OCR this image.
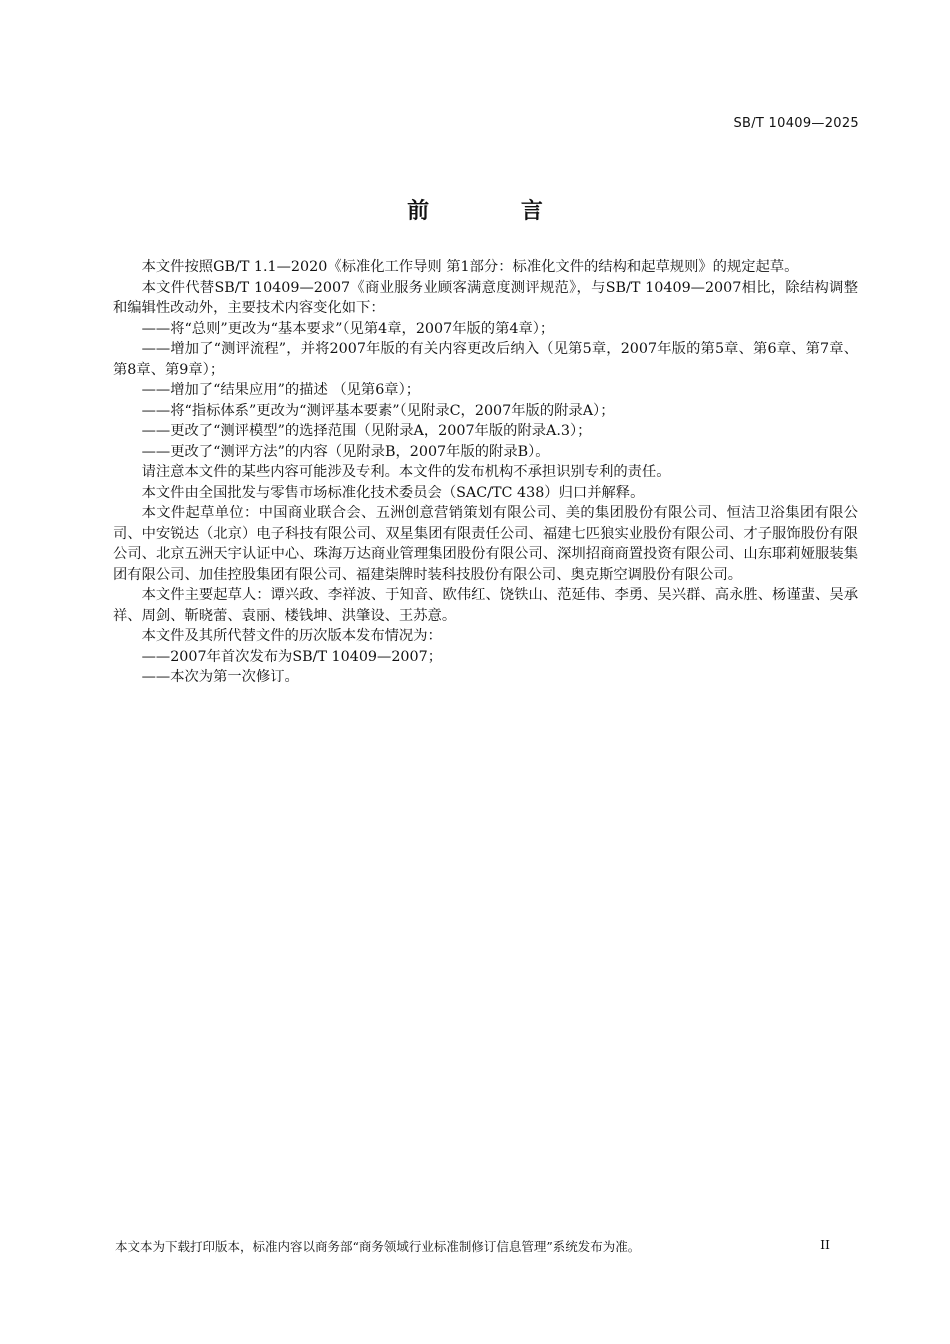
SB/T 10409—2025
前 言

本文件按照GB/T 1.1—2020《标准化工作导则 第1部分：标准化文件的结构和起草规则》的规定起草。

本文件代替SB/T 10409—2007《商业服务业顾客满意度测评规范》，与SB/T 10409—2007相比，除结构调整和编辑性改动外，主要技术内容变化如下：

——将“总则”更改为“基本要求”（见第4章，2007年版的第4章）；

——增加了“测评流程”，并将2007年版的有关内容更改后纳入（见第5章，2007年版的第5章、第6章、第7章、第8章、第9章）；

——增加了“结果应用”的描述 （见第6章）；

——将“指标体系”更改为“测评基本要素”（见附录C，2007年版的附录A）；

——更改了“测评模型”的选择范围（见附录A，2007年版的附录A.3）；

——更改了“测评方法”的内容（见附录B，2007年版的附录B）。

请注意本文件的某些内容可能涉及专利。本文件的发布机构不承担识别专利的责任。

本文件由全国批发与零售市场标准化技术委员会（SAC/TC 438）归口并解释。

本文件起草单位：中国商业联合会、五洲创意营销策划有限公司、美的集团股份有限公司、恒洁卫浴集团有限公司、中安锐达（北京）电子科技有限公司、双星集团有限责任公司、福建七匹狼实业股份有限公司、才子服饰股份有限公司、北京五洲天宇认证中心、珠海万达商业管理集团股份有限公司、深圳招商商置投资有限公司、山东耶莉娅服装集团有限公司、加佳控股集团有限公司、福建柒牌时装科技股份有限公司、奥克斯空调股份有限公司。

本文件主要起草人：谭兴政、李祥波、于知音、欧伟红、饶铁山、范延伟、李勇、吴兴群、高永胜、杨谨蜚、吴承祥、周剑、靳晓蕾、袁丽、楼钱坤、洪肇设、王苏意。

本文件及其所代替文件的历次版本发布情况为：

——2007年首次发布为SB/T 10409—2007；

——本次为第一次修订。

本文本为下载打印版本，标准内容以商务部“商务领域行业标准制修订信息管理”系统发布为准。	II
